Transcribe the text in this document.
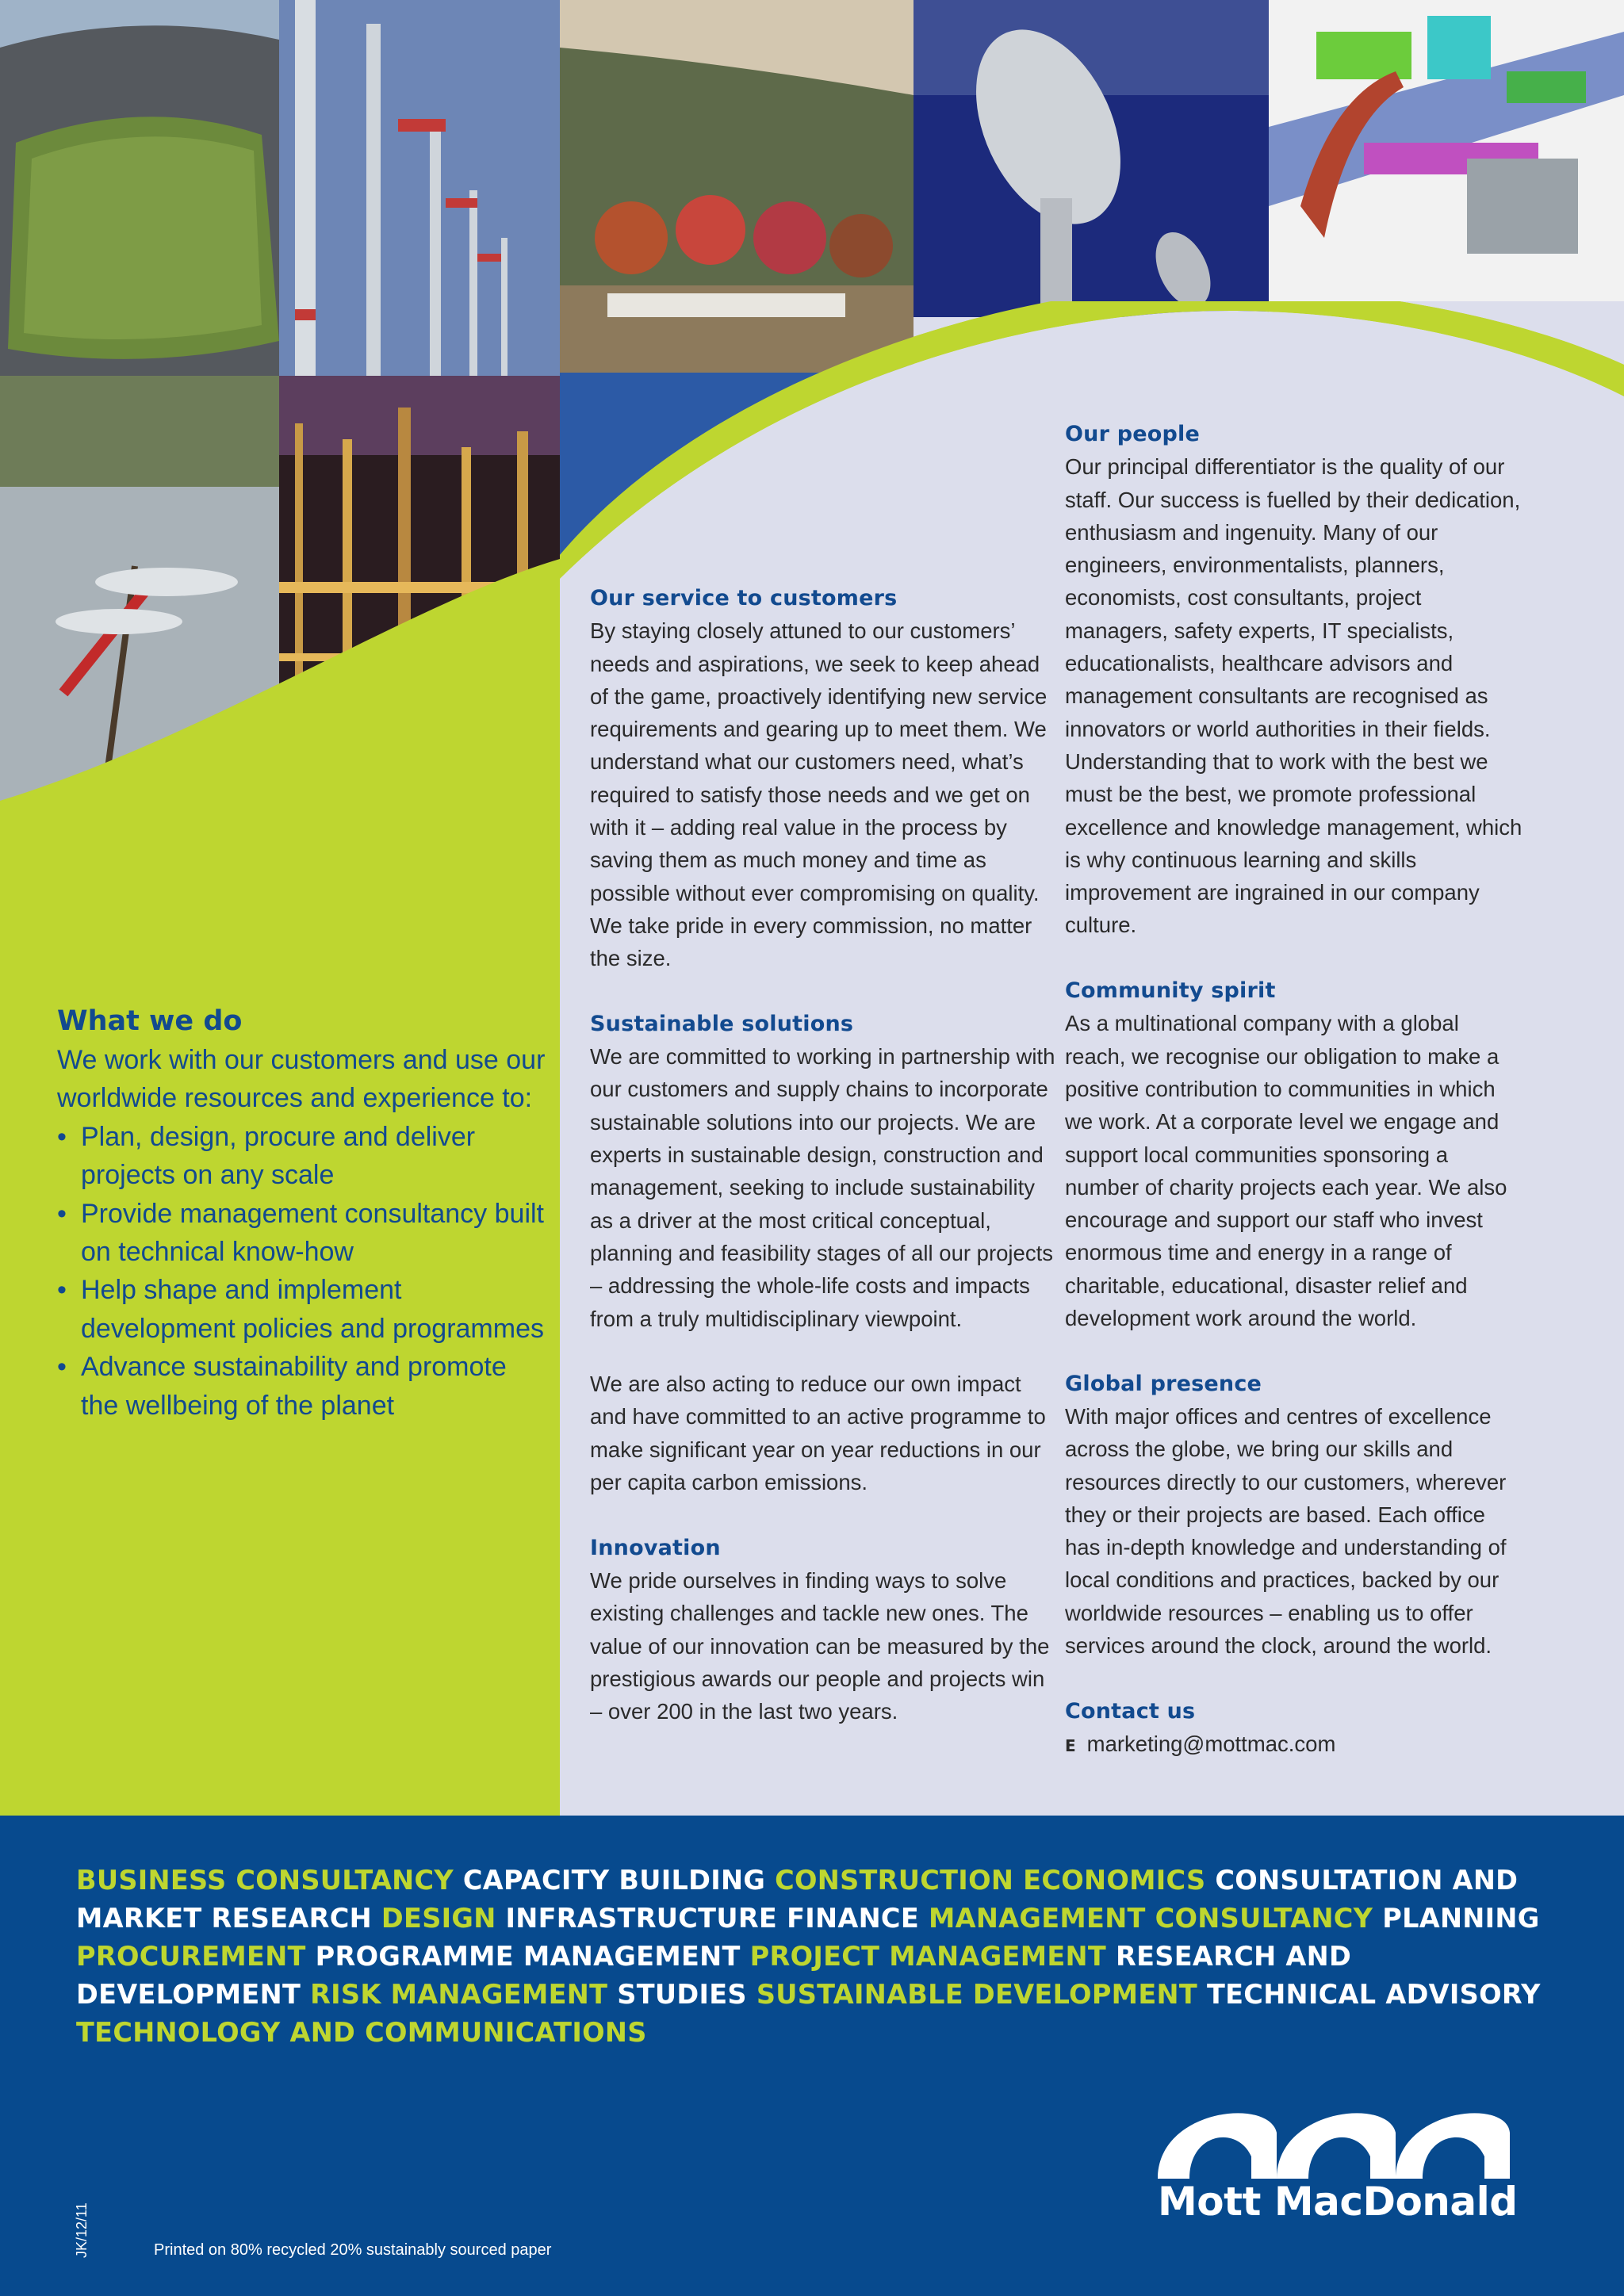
What we do
We work with our customers and use our worldwide resources and experience to:
• Plan, design, procure and deliver projects on any scale
• Provide management consultancy built on technical know-how
• Help shape and implement development policies and programmes
• Advance sustainability and promote the wellbeing of the planet
Our service to customers

By staying closely attuned to our customers’ needs and aspirations, we seek to keep ahead of the game, proactively identifying new service requirements and gearing up to meet them. We understand what our customers need, what’s required to satisfy those needs and we get on with it – adding real value in the process by saving them as much money and time as possible without ever compromising on quality. We take pride in every commission, no matter the size.

Sustainable solutions

We are committed to working in partnership with our customers and supply chains to incorporate sustainable solutions into our projects. We are experts in sustainable design, construction and management, seeking to include sustainability as a driver at the most critical conceptual, planning and feasibility stages of all our projects – addressing the whole-life costs and impacts from a truly multidisciplinary viewpoint.

We are also acting to reduce our own impact and have committed to an active programme to make significant year on year reductions in our per capita carbon emissions.

Innovation

We pride ourselves in finding ways to solve existing challenges and tackle new ones. The value of our innovation can be measured by the prestigious awards our people and projects win – over 200 in the last two years.

Our people

Our principal differentiator is the quality of our staff. Our success is fuelled by their dedication, enthusiasm and ingenuity. Many of our engineers, environmentalists, planners, economists, cost consultants, project managers, safety experts, IT specialists, educationalists, healthcare advisors and management consultants are recognised as innovators or world authorities in their fields. Understanding that to work with the best we must be the best, we promote professional excellence and knowledge management, which is why continuous learning and skills improvement are ingrained in our company culture.

Community spirit

As a multinational company with a global reach, we recognise our obligation to make a positive contribution to communities in which we work. At a corporate level we engage and support local communities sponsoring a number of charity projects each year. We also encourage and support our staff who invest enormous time and energy in a range of charitable, educational, disaster relief and development work around the world.

Global presence

With major offices and centres of excellence across the globe, we bring our skills and resources directly to our customers, wherever they or their projects are based. Each office has in-depth knowledge and understanding of local conditions and practices, backed by our worldwide resources – enabling us to offer services around the clock, around the world.

Contact us
E marketing@mottmac.com
BUSINESS CONSULTANCY CAPACITY BUILDING CONSTRUCTION ECONOMICS CONSULTATION AND MARKET RESEARCH DESIGN INFRASTRUCTURE FINANCE MANAGEMENT CONSULTANCY PLANNING PROCUREMENT PROGRAMME MANAGEMENT PROJECT MANAGEMENT RESEARCH AND DEVELOPMENT RISK MANAGEMENT STUDIES SUSTAINABLE DEVELOPMENT TECHNICAL ADVISORY TECHNOLOGY AND COMMUNICATIONS
Mott MacDonald
JK/12/11	Printed on 80% recycled 20% sustainably sourced paper
